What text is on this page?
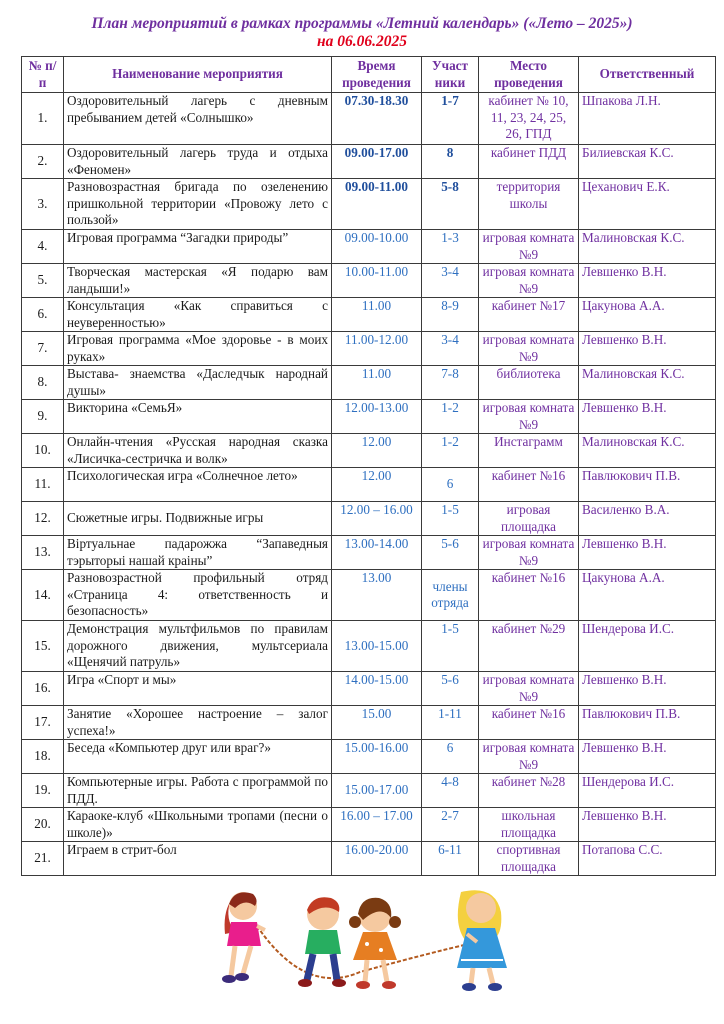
План мероприятий в рамках программы «Летний календарь» («Лето – 2025»)
на 06.06.2025
№ п/п	Наименование мероприятия	Время проведения	Участ ники	Место проведения	Ответственный
1.	Оздоровительный лагерь с дневным пребыванием детей «Солнышко»	07.30-18.30	1-7	кабинет № 10, 11, 23, 24, 25, 26, ГПД	Шпакова Л.Н.
2.	Оздоровительный лагерь труда и отдыха «Феномен»	09.00-17.00	8	кабинет ПДД	Билиевская К.С.
3.	Разновозрастная бригада по озеленению пришкольной территории «Провожу лето с пользой»	09.00-11.00	5-8	территория школы	Цеханович Е.К.
4.	Игровая программа “Загадки природы”	09.00-10.00	1-3	игровая комната №9	Малиновская К.С.
5.	Творческая мастерская «Я подарю вам ландыши!»	10.00-11.00	3-4	игровая комната №9	Левшенко В.Н.
6.	Консультация «Как справиться с неуверенностью»	11.00	8-9	кабинет №17	Цакунова А.А.
7.	Игровая программа «Мое здоровье - в моих руках»	11.00-12.00	3-4	игровая комната №9	Левшенко В.Н.
8.	Выстава- знаемства «Даследчык народнай душы»	11.00	7-8	библиотека	Малиновская К.С.
9.	Викторина «СемьЯ»	12.00-13.00	1-2	игровая комната №9	Левшенко В.Н.
10.	Онлайн-чтения «Русская народная сказка «Лисичка-сестричка и волк»	12.00	1-2	Инстаграмм	Малиновская К.С.
11.	Психологическая игра «Солнечное лето»	12.00	6	кабинет №16	Павлюкович П.В.
12.	Сюжетные игры. Подвижные игры	12.00 – 16.00	1-5	игровая площадка	Василенко В.А.
13.	Віртуальнае падарожжа “Запаведныя тэрыторыі нашай краіны”	13.00-14.00	5-6	игровая комната №9	Левшенко В.Н.
14.	Разновозрастной профильный отряд «Страница 4: ответственность и безопасность»	13.00	члены отряда	кабинет №16	Цакунова А.А.
15.	Демонстрация мультфильмов по правилам дорожного движения, мультсериала «Щенячий патруль»	13.00-15.00	1-5	кабинет №29	Шендерова И.С.
16.	Игра «Спорт и мы»	14.00-15.00	5-6	игровая комната №9	Левшенко В.Н.
17.	Занятие «Хорошее настроение – залог успеха!»	15.00	1-11	кабинет №16	Павлюкович П.В.
18.	Беседа «Компьютер друг или враг?»	15.00-16.00	6	игровая комната №9	Левшенко В.Н.
19.	Компьютерные игры. Работа с программой по ПДД.	15.00-17.00	4-8	кабинет №28	Шендерова И.С.
20.	Караоке-клуб «Школьными тропами (песни о школе)»	16.00 – 17.00	2-7	школьная площадка	Левшенко В.Н.
21.	Играем в стрит-бол	16.00-20.00	6-11	спортивная площадка	Потапова С.С.
